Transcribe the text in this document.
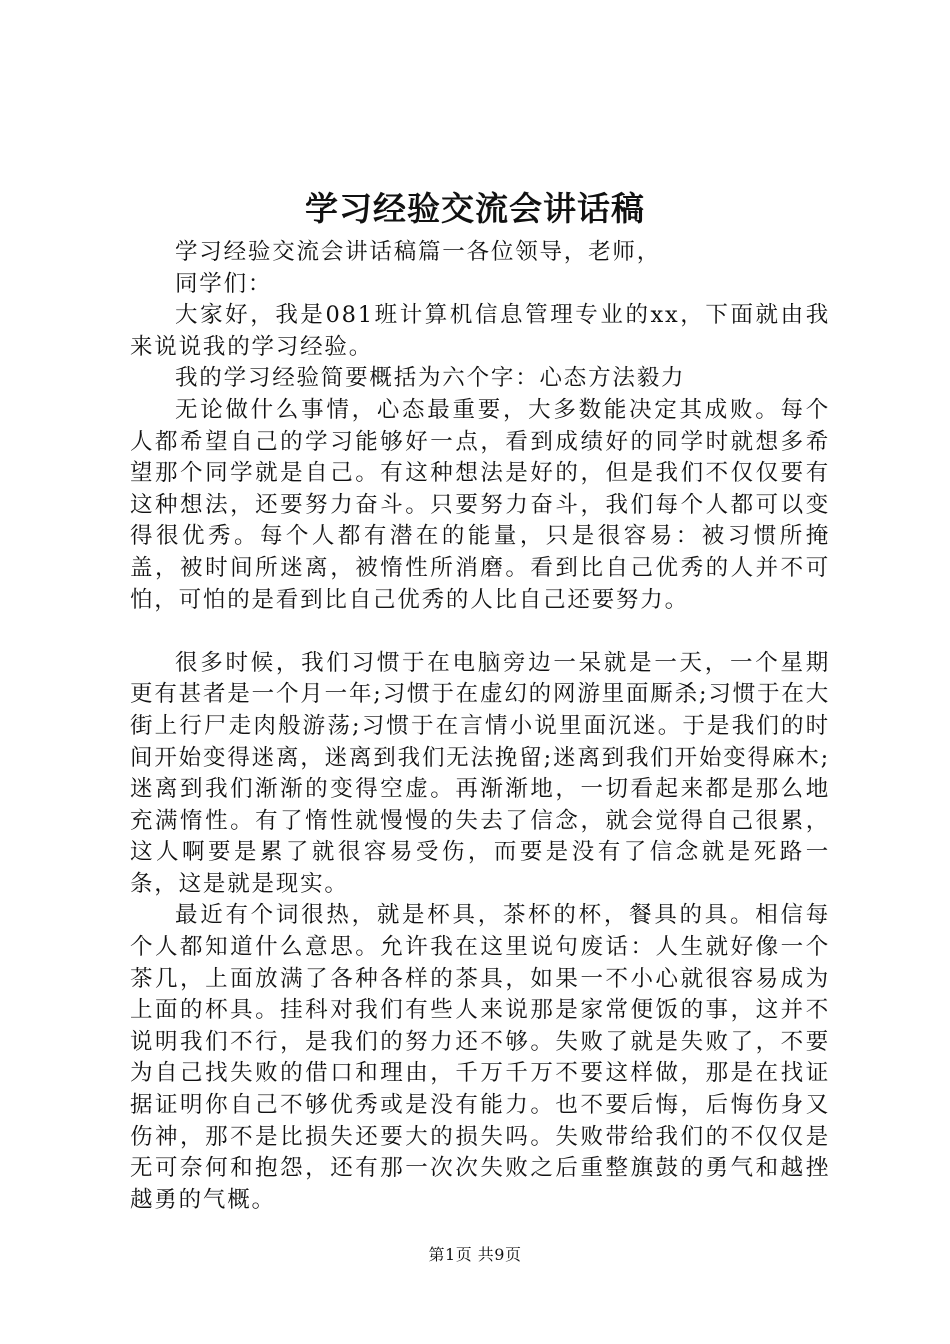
学习经验交流会讲话稿

学习经验交流会讲话稿篇一各位领导，老师，

同学们：

大家好，我是081班计算机信息管理专业的xx，下面就由我来说说我的学习经验。

我的学习经验简要概括为六个字：心态方法毅力

无论做什么事情，心态最重要，大多数能决定其成败。每个人都希望自己的学习能够好一点，看到成绩好的同学时就想多希望那个同学就是自己。有这种想法是好的，但是我们不仅仅要有这种想法，还要努力奋斗。只要努力奋斗，我们每个人都可以变得很优秀。每个人都有潜在的能量，只是很容易：被习惯所掩盖，被时间所迷离，被惰性所消磨。看到比自己优秀的人并不可怕，可怕的是看到比自己优秀的人比自己还要努力。

很多时候，我们习惯于在电脑旁边一呆就是一天，一个星期更有甚者是一个月一年;习惯于在虚幻的网游里面厮杀;习惯于在大街上行尸走肉般游荡;习惯于在言情小说里面沉迷。于是我们的时间开始变得迷离，迷离到我们无法挽留;迷离到我们开始变得麻木;迷离到我们渐渐的变得空虚。再渐渐地，一切看起来都是那么地充满惰性。有了惰性就慢慢的失去了信念，就会觉得自己很累，这人啊要是累了就很容易受伤，而要是没有了信念就是死路一条，这是就是现实。

最近有个词很热，就是杯具，茶杯的杯，餐具的具。相信每个人都知道什么意思。允许我在这里说句废话：人生就好像一个茶几，上面放满了各种各样的茶具，如果一不小心就很容易成为上面的杯具。挂科对我们有些人来说那是家常便饭的事，这并不说明我们不行，是我们的努力还不够。失败了就是失败了，不要为自己找失败的借口和理由，千万千万不要这样做，那是在找证据证明你自己不够优秀或是没有能力。也不要后悔，后悔伤身又伤神，那不是比损失还要大的损失吗。失败带给我们的不仅仅是无可奈何和抱怨，还有那一次次失败之后重整旗鼓的勇气和越挫越勇的气概。

第1页 共9页
